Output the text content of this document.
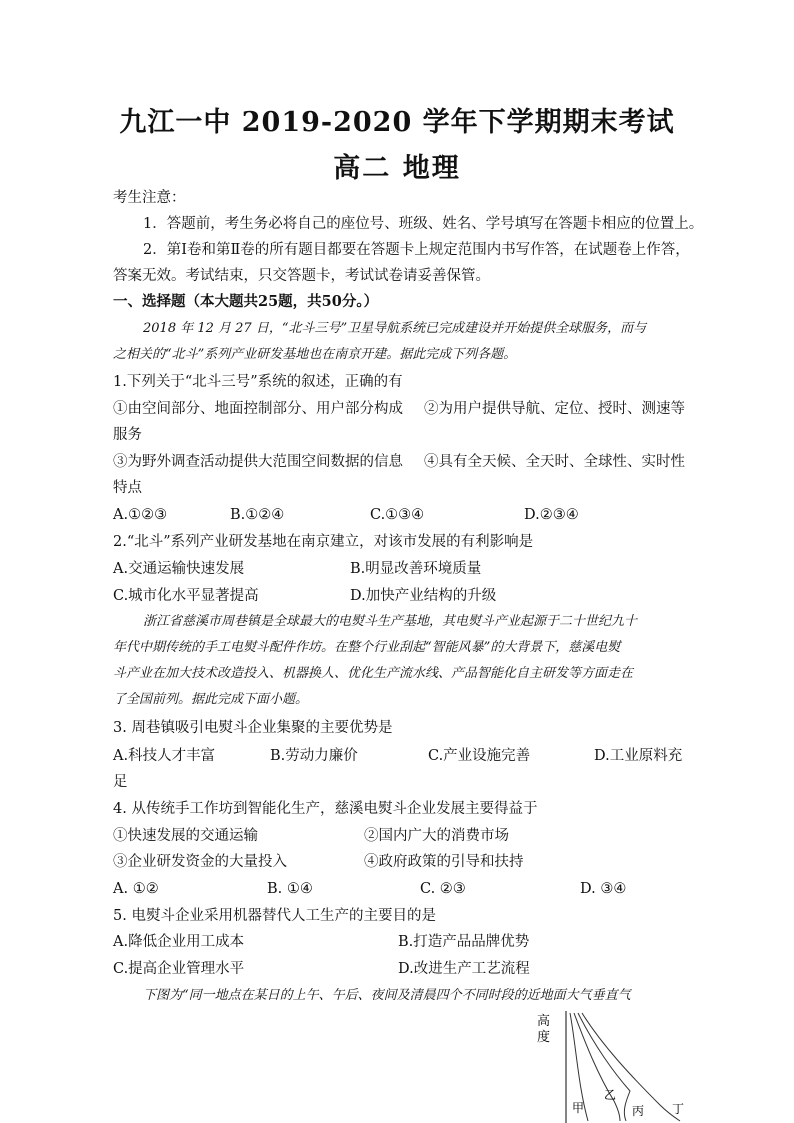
九江一中 2019-2020 学年下学期期末考试
高二 地理
考生注意：
1．答题前，考生务必将自己的座位号、班级、姓名、学号填写在答题卡相应的位置上。
2．第Ⅰ卷和第Ⅱ卷的所有题目都要在答题卡上规定范围内书写作答，在试题卷上作答，
答案无效。考试结束，只交答题卡，考试试卷请妥善保管。
一、选择题（本大题共25题，共50分。）
2018 年 12 月 27 日，“北斗三号”卫星导航系统已完成建设并开始提供全球服务，而与
之相关的“北斗”系列产业研发基地也在南京开建。据此完成下列各题。
1.下列关于“北斗三号”系统的叙述，正确的有
①由空间部分、地面控制部分、用户部分构成 ②为用户提供导航、定位、授时、测速等
服务
③为野外调查活动提供大范围空间数据的信息 ④具有全天候、全天时、全球性、实时性
特点
A.①②③	B.①②④	C.①③④	D.②③④
2.“北斗”系列产业研发基地在南京建立，对该市发展的有利影响是
A.交通运输快速发展	B.明显改善环境质量
C.城市化水平显著提高	D.加快产业结构的升级
浙江省慈溪市周巷镇是全球最大的电熨斗生产基地，其电熨斗产业起源于二十世纪九十
年代中期传统的手工电熨斗配件作坊。在整个行业刮起“智能风暴”的大背景下，慈溪电熨
斗产业在加大技术改造投入、机器换人、优化生产流水线、产品智能化自主研发等方面走在
了全国前列。据此完成下面小题。
3. 周巷镇吸引电熨斗企业集聚的主要优势是
A.科技人才丰富	B.劳动力廉价	C.产业设施完善	D.工业原料充
足
4. 从传统手工作坊到智能化生产，慈溪电熨斗企业发展主要得益于
①快速发展的交通运输	②国内广大的消费市场
③企业研发资金的大量投入	④政府政策的引导和扶持
A. ①②	B. ①④	C. ②③	D. ③④
5. 电熨斗企业采用机器替代人工生产的主要目的是
A.降低企业用工成本	B.打造产品品牌优势
C.提高企业管理水平	D.改进生产工艺流程
下图为“同一地点在某日的上午、午后、夜间及清晨四个不同时段的近地面大气垂直气
高
度
甲
乙
丙 丁
